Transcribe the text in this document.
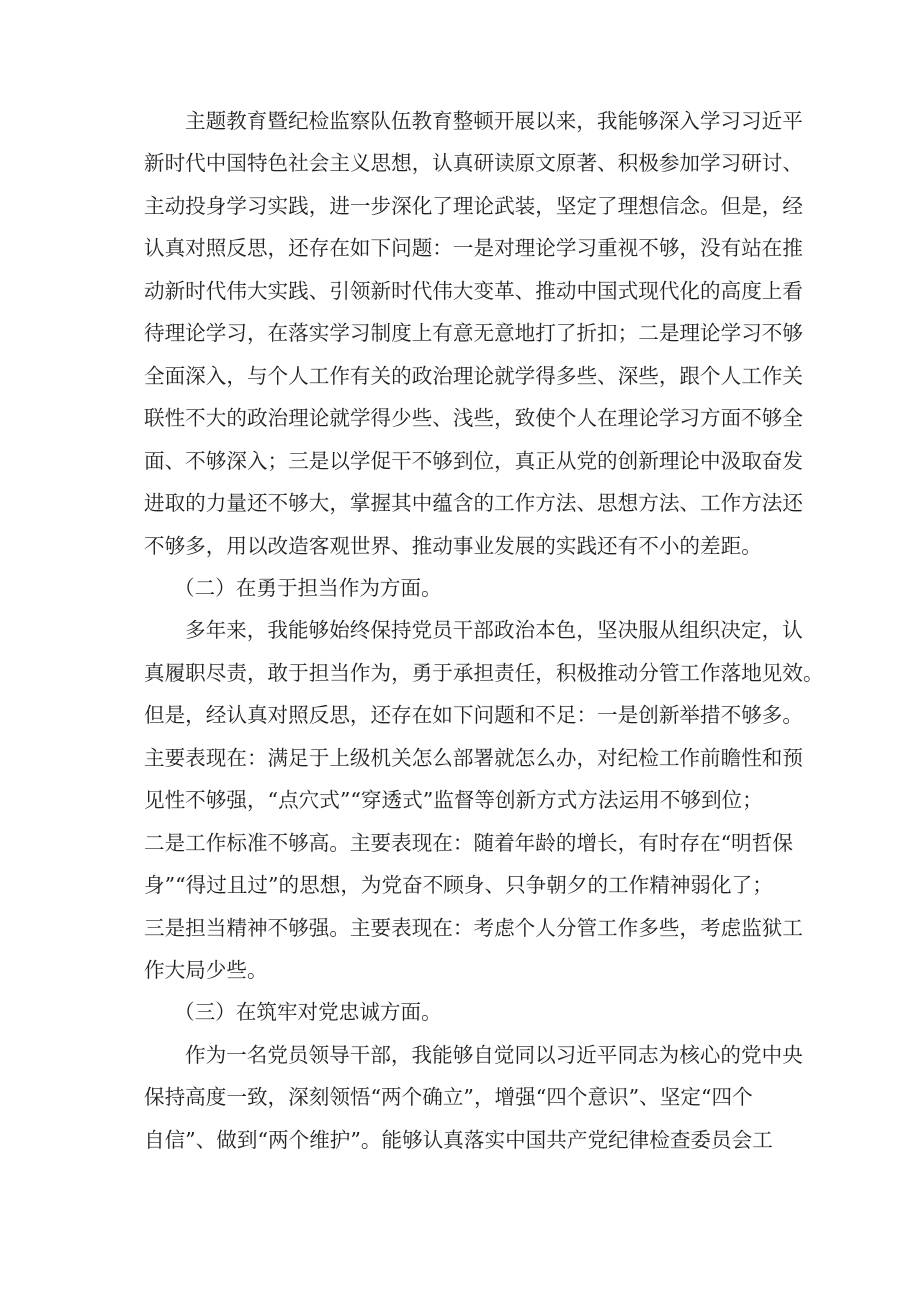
主题教育暨纪检监察队伍教育整顿开展以来，我能够深入学习习近平

新时代中国特色社会主义思想，认真研读原文原著、积极参加学习研讨、

主动投身学习实践，进一步深化了理论武装，坚定了理想信念。但是，经

认真对照反思，还存在如下问题：一是对理论学习重视不够，没有站在推

动新时代伟大实践、引领新时代伟大变革、推动中国式现代化的高度上看

待理论学习，在落实学习制度上有意无意地打了折扣；二是理论学习不够

全面深入，与个人工作有关的政治理论就学得多些、深些，跟个人工作关

联性不大的政治理论就学得少些、浅些，致使个人在理论学习方面不够全

面、不够深入；三是以学促干不够到位，真正从党的创新理论中汲取奋发

进取的力量还不够大，掌握其中蕴含的工作方法、思想方法、工作方法还

不够多，用以改造客观世界、推动事业发展的实践还有不小的差距。

（二）在勇于担当作为方面。

多年来，我能够始终保持党员干部政治本色，坚决服从组织决定，认

真履职尽责，敢于担当作为，勇于承担责任，积极推动分管工作落地见效。

但是，经认真对照反思，还存在如下问题和不足：一是创新举措不够多。

主要表现在：满足于上级机关怎么部署就怎么办，对纪检工作前瞻性和预

见性不够强，“点穴式”“穿透式”监督等创新方式方法运用不够到位；

二是工作标准不够高。主要表现在：随着年龄的增长，有时存在“明哲保

身”“得过且过”的思想，为党奋不顾身、只争朝夕的工作精神弱化了；

三是担当精神不够强。主要表现在：考虑个人分管工作多些，考虑监狱工

作大局少些。

（三）在筑牢对党忠诚方面。

作为一名党员领导干部，我能够自觉同以习近平同志为核心的党中央

保持高度一致，深刻领悟“两个确立”，增强“四个意识”、坚定“四个

自信”、做到“两个维护”。能够认真落实中国共产党纪律检查委员会工
